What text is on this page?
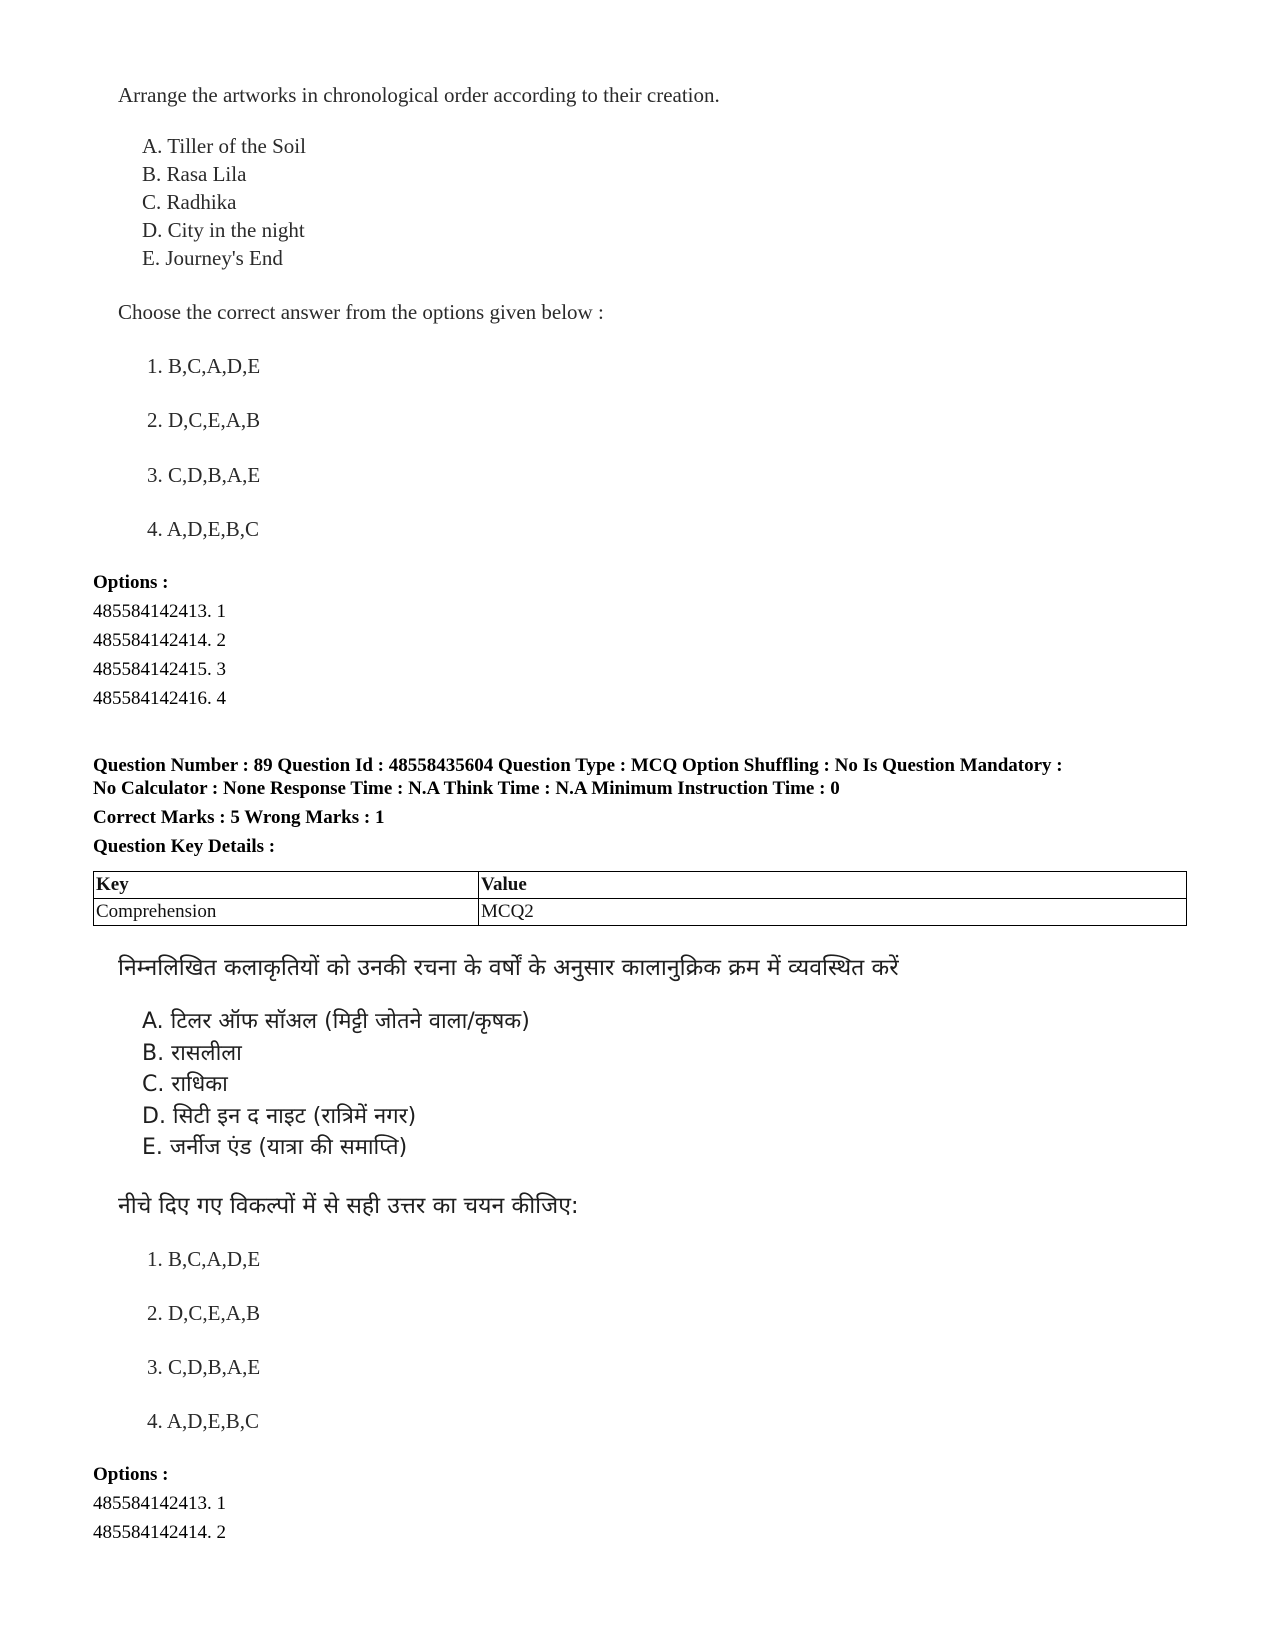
Arrange the artworks in chronological order according to their creation.
A. Tiller of the Soil
B. Rasa Lila
C. Radhika
D. City in the night
E. Journey's End
Choose the correct answer from the options given below :
1. B,C,A,D,E
2. D,C,E,A,B
3. C,D,B,A,E
4. A,D,E,B,C
Options :
485584142413. 1
485584142414. 2
485584142415. 3
485584142416. 4
Question Number : 89 Question Id : 48558435604 Question Type : MCQ Option Shuffling : No Is Question Mandatory :
No Calculator : None Response Time : N.A Think Time : N.A Minimum Instruction Time : 0
Correct Marks : 5 Wrong Marks : 1
Question Key Details :
Key	Value
Comprehension	MCQ2
निम्नलिखित कलाकृतियों को उनकी रचना के वर्षों के अनुसार कालानुक्रिक क्रम में व्यवस्थित करें
A. टिलर ऑफ सॉअल (मिट्टी जोतने वाला/कृषक)
B. रासलीला
C. राधिका
D. सिटी इन द नाइट (रात्रिमें नगर)
E. जर्नीज एंड (यात्रा की समाप्ति)
नीचे दिए गए विकल्पों में से सही उत्तर का चयन कीजिए:
1. B,C,A,D,E
2. D,C,E,A,B
3. C,D,B,A,E
4. A,D,E,B,C
Options :
485584142413. 1
485584142414. 2
